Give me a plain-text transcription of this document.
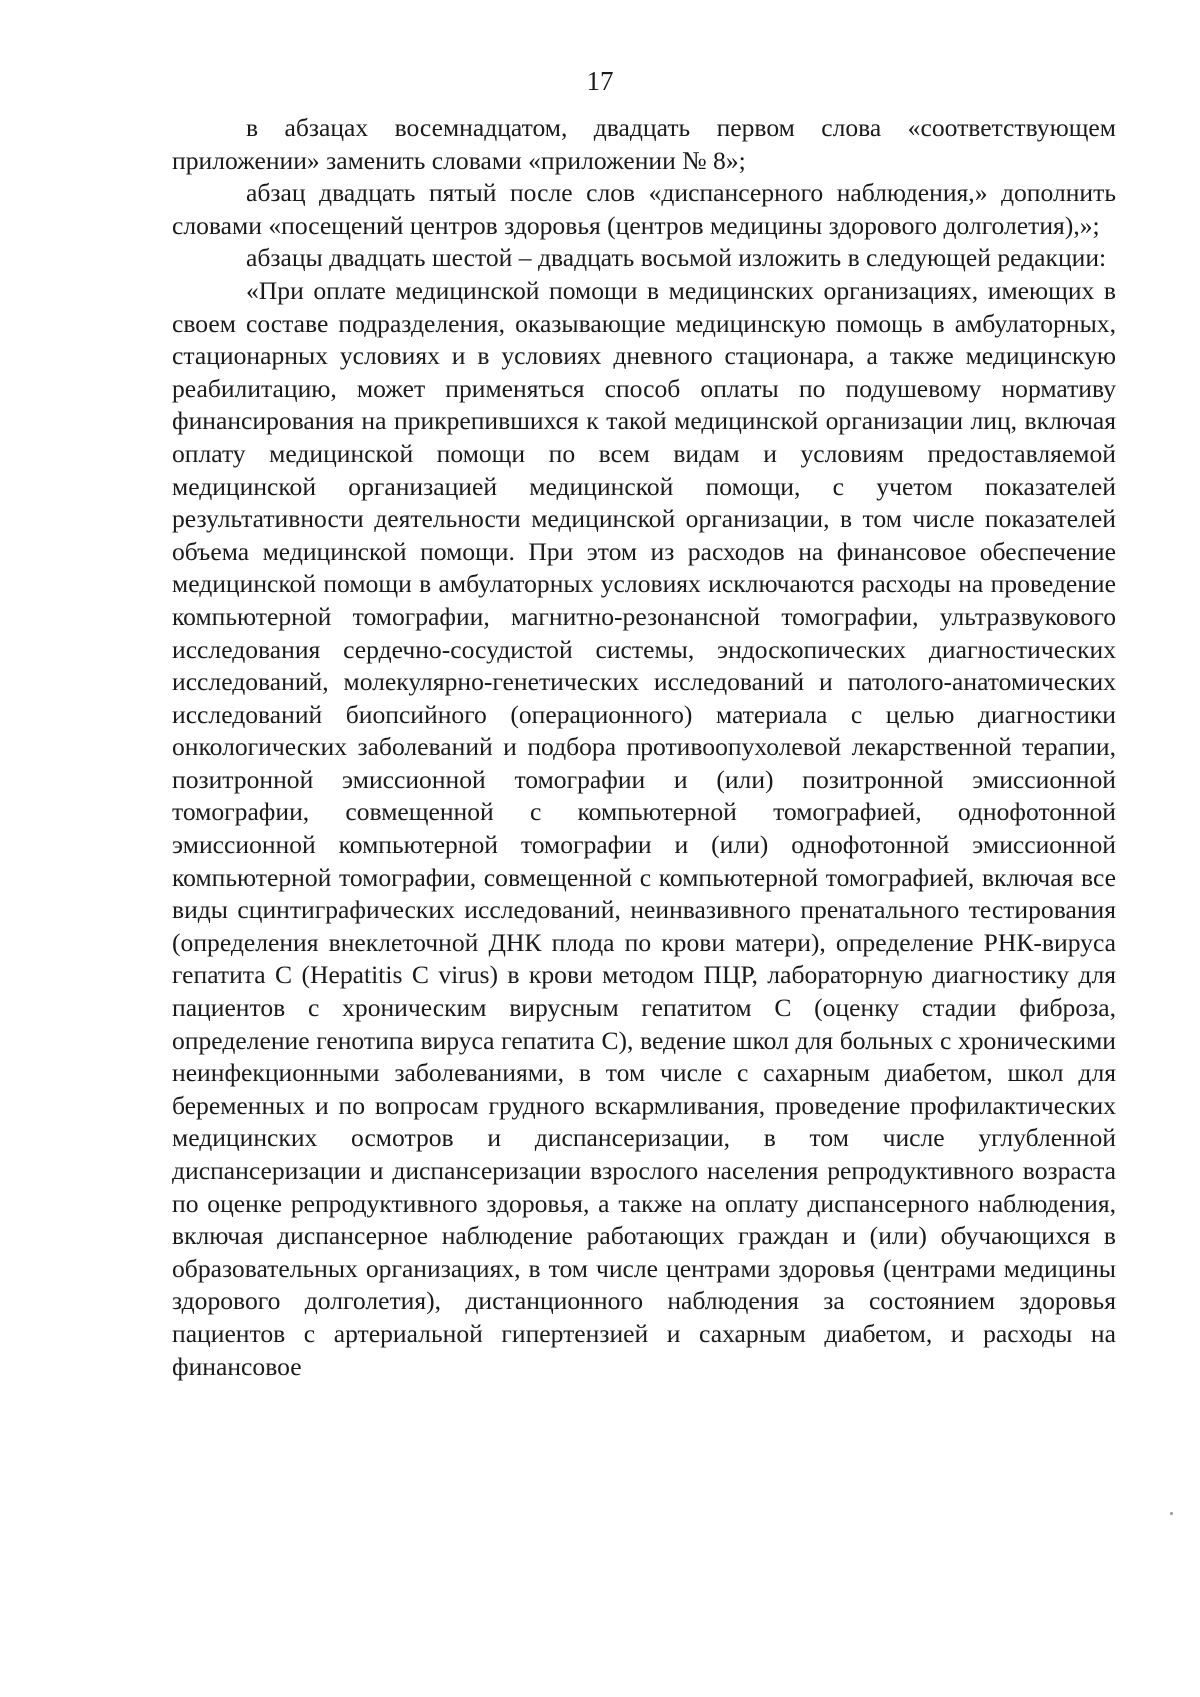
17

в абзацах восемнадцатом, двадцать первом слова «соответствующем приложении» заменить словами «приложении № 8»;

абзац двадцать пятый после слов «диспансерного наблюдения,» дополнить словами «посещений центров здоровья (центров медицины здорового долголетия),»;

абзацы двадцать шестой – двадцать восьмой изложить в следующей редакции:

«При оплате медицинской помощи в медицинских организациях, имеющих в своем составе подразделения, оказывающие медицинскую помощь в амбулаторных, стационарных условиях и в условиях дневного стационара, а также медицинскую реабилитацию, может применяться способ оплаты по подушевому нормативу финансирования на прикрепившихся к такой медицинской организации лиц, включая оплату медицинской помощи по всем видам и условиям предоставляемой медицинской организацией медицинской помощи, с учетом показателей результативности деятельности медицинской организации, в том числе показателей объема медицинской помощи. При этом из расходов на финансовое обеспечение медицинской помощи в амбулаторных условиях исключаются расходы на проведение компьютерной томографии, магнитно-резонансной томографии, ультразвукового исследования сердечно-сосудистой системы, эндоскопических диагностических исследований, молекулярно-генетических исследований и патолого-анатомических исследований биопсийного (операционного) материала с целью диагностики онкологических заболеваний и подбора противоопухолевой лекарственной терапии, позитронной эмиссионной томографии и (или) позитронной эмиссионной томографии, совмещенной с компьютерной томографией, однофотонной эмиссионной компьютерной томографии и (или) однофотонной эмиссионной компьютерной томографии, совмещенной с компьютерной томографией, включая все виды сцинтиграфических исследований, неинвазивного пренатального тестирования (определения внеклеточной ДНК плода по крови матери), определение РНК-вируса гепатита С (Hepatitis С virus) в крови методом ПЦР, лабораторную диагностику для пациентов с хроническим вирусным гепатитом С (оценку стадии фиброза, определение генотипа вируса гепатита С), ведение школ для больных с хроническими неинфекционными заболеваниями, в том числе с сахарным диабетом, школ для беременных и по вопросам грудного вскармливания, проведение профилактических медицинских осмотров и диспансеризации, в том числе углубленной диспансеризации и диспансеризации взрослого населения репродуктивного возраста по оценке репродуктивного здоровья, а также на оплату диспансерного наблюдения, включая диспансерное наблюдение работающих граждан и (или) обучающихся в образовательных организациях, в том числе центрами здоровья (центрами медицины здорового долголетия), дистанционного наблюдения за состоянием здоровья пациентов с артериальной гипертензией и сахарным диабетом, и расходы на финансовое
